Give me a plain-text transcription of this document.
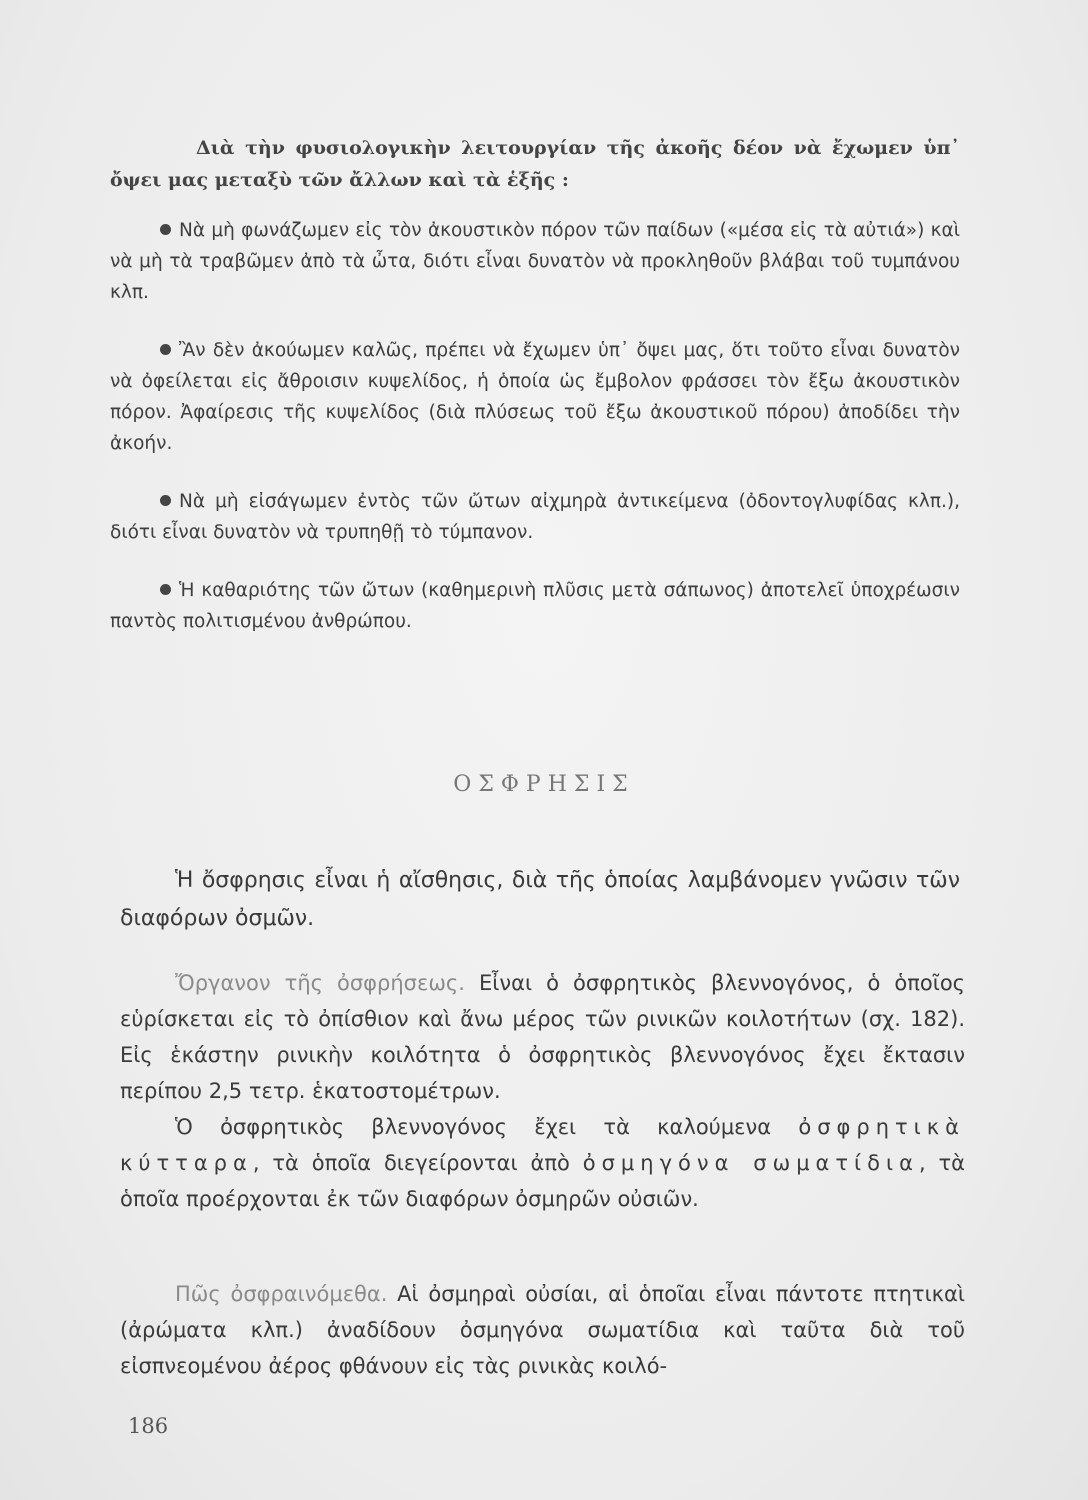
Διὰ τὴν φυσιολογικὴν λειτουργίαν τῆς ἀκοῆς δέον νὰ ἔχωμεν ὑπ᾽ ὄψει μας μεταξὺ τῶν ἄλλων καὶ τὰ ἑξῆς :

Νὰ μὴ φωνάζωμεν εἰς τὸν ἀκουστικὸν πόρον τῶν παίδων («μέσα εἰς τὰ αὐτιά») καὶ νὰ μὴ τὰ τραβῶμεν ἀπὸ τὰ ὦτα, διότι εἶναι δυνατὸν νὰ προκληθοῦν βλάβαι τοῦ τυμπάνου κλπ.

Ἂν δὲν ἀκούωμεν καλῶς, πρέπει νὰ ἔχωμεν ὑπ᾽ ὄψει μας, ὅτι τοῦτο εἶναι δυνατὸν νὰ ὀφείλεται εἰς ἄθροισιν κυψελίδος, ἡ ὁποία ὡς ἔμβολον φράσσει τὸν ἔξω ἀκουστικὸν πόρον. Ἀφαίρεσις τῆς κυψελίδος (διὰ πλύσεως τοῦ ἔξω ἀκουστικοῦ πόρου) ἀποδίδει τὴν ἀκοήν.

Νὰ μὴ εἰσάγωμεν ἐντὸς τῶν ὤτων αἰχμηρὰ ἀντικείμενα (ὀδοντογλυφίδας κλπ.), διότι εἶναι δυνατὸν νὰ τρυπηθῇ τὸ τύμπανον.

Ἡ καθαριότης τῶν ὤτων (καθημερινὴ πλῦσις μετὰ σάπωνος) ἀποτελεῖ ὑποχρέωσιν παντὸς πολιτισμένου ἀνθρώπου.

ΟΣΦΡΗΣΙΣ
Ἡ ὄσφρησις εἶναι ἡ αἴσθησις, διὰ τῆς ὁποίας λαμβάνομεν γνῶσιν τῶν διαφόρων ὀσμῶν.

Ὄργανον τῆς ὀσφρήσεως. Εἶναι ὁ ὀσφρητικὸς βλεννογόνος, ὁ ὁποῖος εὑρίσκεται εἰς τὸ ὀπίσθιον καὶ ἄνω μέρος τῶν ρινικῶν κοιλοτήτων (σχ. 182). Εἰς ἑκάστην ρινικὴν κοιλότητα ὁ ὀσφρητικὸς βλεννογόνος ἔχει ἔκτασιν περίπου 2,5 τετρ. ἑκατοστομέτρων.

Ὁ ὀσφρητικὸς βλεννογόνος ἔχει τὰ καλούμενα ὀσφρητικὰ κύτταρα, τὰ ὁποῖα διεγείρονται ἀπὸ ὀσμηγόνα σωματίδια, τὰ ὁποῖα προέρχονται ἐκ τῶν διαφόρων ὀσμηρῶν οὐσιῶν.

Πῶς ὀσφραινόμεθα. Αἱ ὀσμηραὶ οὐσίαι, αἱ ὁποῖαι εἶναι πάντοτε πτητικαὶ (ἀρώματα κλπ.) ἀναδίδουν ὀσμηγόνα σωματίδια καὶ ταῦτα διὰ τοῦ εἰσπνεομένου ἀέρος φθάνουν εἰς τὰς ρινικὰς κοιλό-

186
